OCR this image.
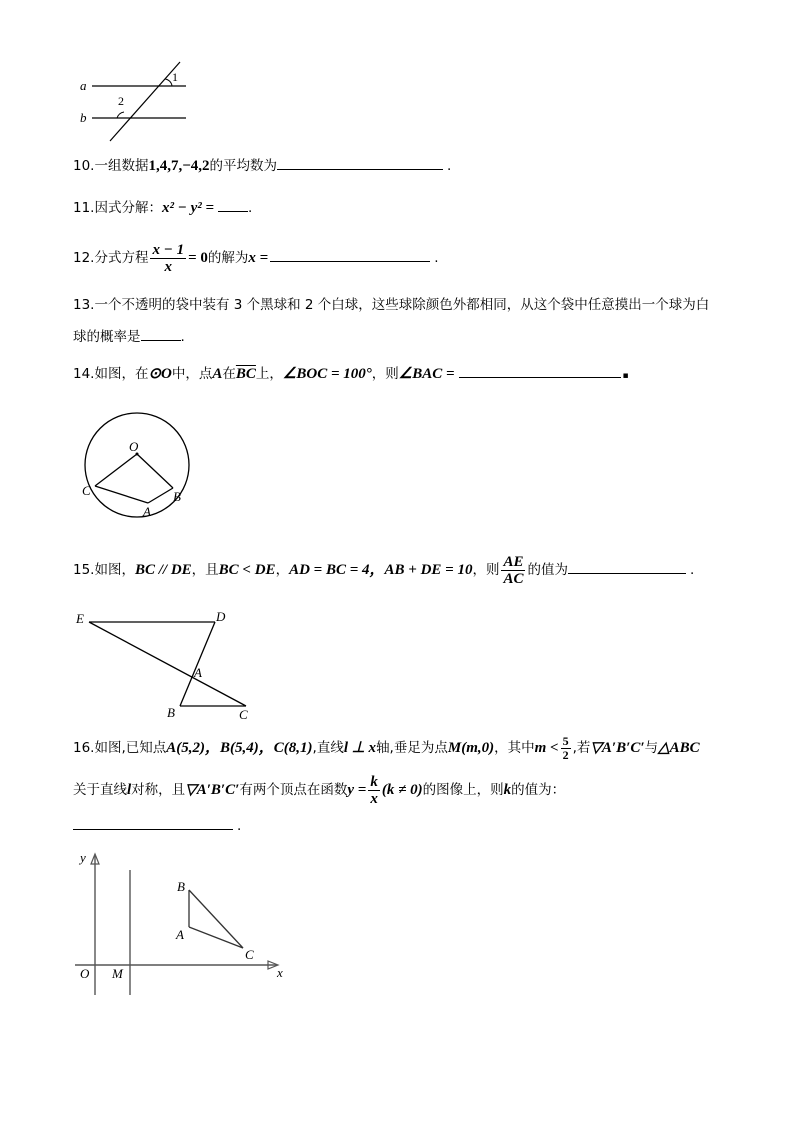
a
b
1
2
10.一组数据1,4,7,−4,2的平均数为	.
11.因式分解：x² − y² =	.
12.分式方程 $\frac{x - 1}{x} = 0$的解为x =	.
13.一个不透明的袋中装有 3 个黑球和 2 个白球，这些球除颜色外都相同，从这个袋中任意摸出一个球为白
球的概率是	.
14.如图，在⊙O中，点A在$\overline{BC}$上，∠BOC = 100°，则∠BAC =	▪
O
C	B
A
15.如图，BC // DE，且BC < DE，AD = BC = 4，AB + DE = 10，则 $\frac{AE}{AC}$ 的值为	.
E	D
A
B	C
16.如图,已知点A(5,2)，B(5,4)，C(8,1),直线l ⊥ x轴,垂足为点M(m,0)，其中$m < \frac{5}{2}$ ,若▽A′B′C′与△ABC
关于直线l对称，且▽A′B′C′有两个顶点在函数$y = \frac{k}{x} (k \ne 0)$的图像上，则k的值为：
.
y
x
O M
B
A
C
